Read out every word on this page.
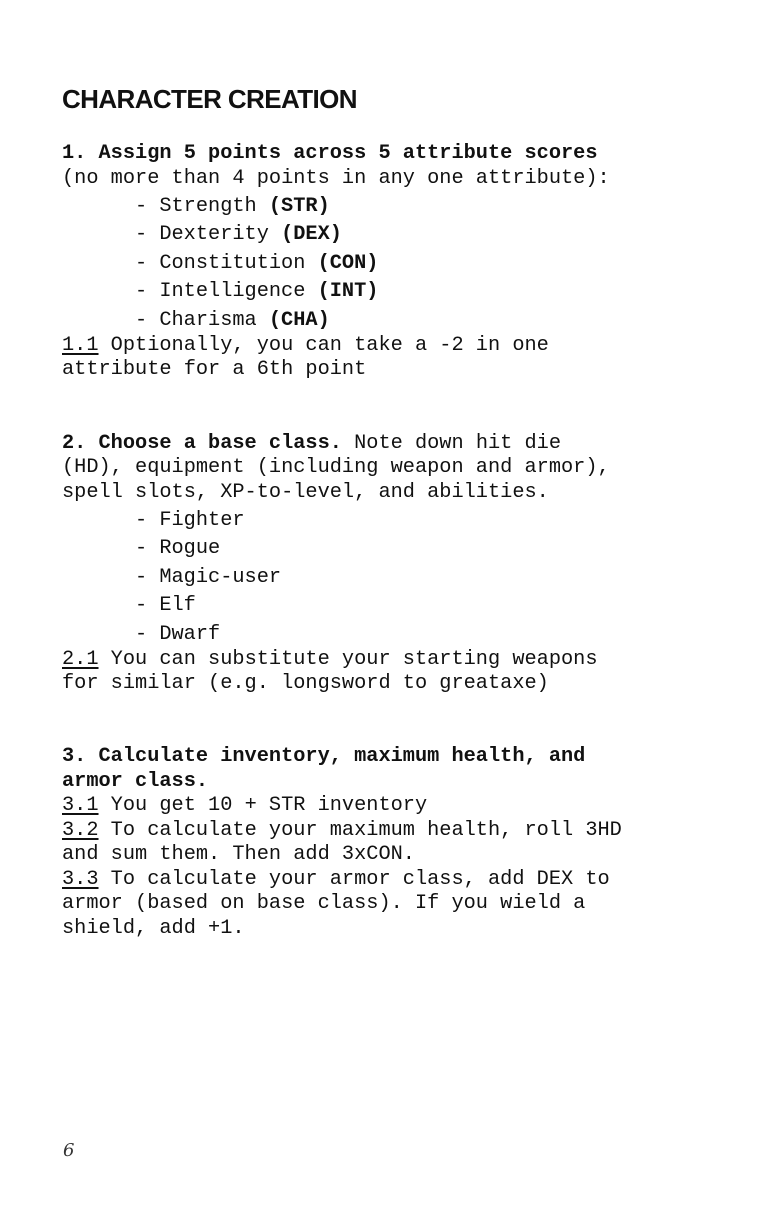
CHARACTER CREATION
1. Assign 5 points across 5 attribute scores
(no more than 4 points in any one attribute):
- Strength (STR)
- Dexterity (DEX)
- Constitution (CON)
- Intelligence (INT)
- Charisma (CHA)
1.1 Optionally, you can take a -2 in one
attribute for a 6th point
2. Choose a base class. Note down hit die
(HD), equipment (including weapon and armor),
spell slots, XP-to-level, and abilities.
- Fighter
- Rogue
- Magic-user
- Elf
- Dwarf
2.1 You can substitute your starting weapons
for similar (e.g. longsword to greataxe)
3. Calculate inventory, maximum health, and
armor class.
3.1 You get 10 + STR inventory
3.2 To calculate your maximum health, roll 3HD
and sum them. Then add 3xCON.
3.3 To calculate your armor class, add DEX to
armor (based on base class). If you wield a
shield, add +1.
6
